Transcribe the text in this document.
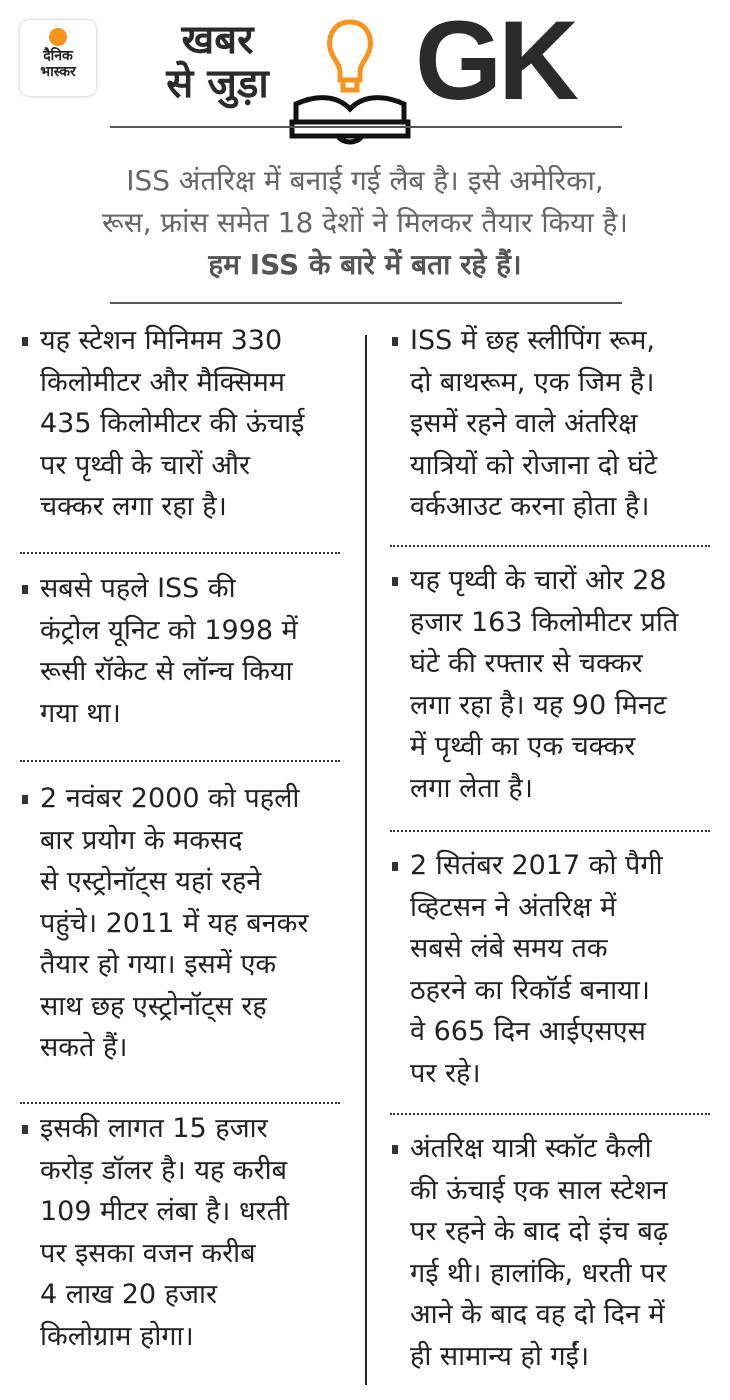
दैनिक
भास्कर
खबर
से जुड़ा GK
ISS अंतरिक्ष में बनाई गई लैब है। इसे अमेरिका,
रूस, फ्रांस समेत 18 देशों ने मिलकर तैयार किया है।
हम ISS के बारे में बता रहे हैं।
यह स्टेशन मिनिमम 330
किलोमीटर और मैक्सिमम
435 किलोमीटर की ऊंचाई
पर पृथ्वी के चारों और
चक्कर लगा रहा है।
सबसे पहले ISS की
कंट्रोल यूनिट को 1998 में
रूसी रॉकेट से लॉन्च किया
गया था।
2 नवंबर 2000 को पहली
बार प्रयोग के मकसद
से एस्ट्रोनॉट्स यहां रहने
पहुंचे। 2011 में यह बनकर
तैयार हो गया। इसमें एक
साथ छह एस्ट्रोनॉट्स रह
सकते हैं।
इसकी लागत 15 हजार
करोड़ डॉलर है। यह करीब
109 मीटर लंबा है। धरती
पर इसका वजन करीब
4 लाख 20 हजार
किलोग्राम होगा।
ISS में छह स्लीपिंग रूम,
दो बाथरूम, एक जिम है।
इसमें रहने वाले अंतरिक्ष
यात्रियों को रोजाना दो घंटे
वर्कआउट करना होता है।
यह पृथ्वी के चारों ओर 28
हजार 163 किलोमीटर प्रति
घंटे की रफ्तार से चक्कर
लगा रहा है। यह 90 मिनट
में पृथ्वी का एक चक्कर
लगा लेता है।
2 सितंबर 2017 को पैगी
व्हिटसन ने अंतरिक्ष में
सबसे लंबे समय तक
ठहरने का रिकॉर्ड बनाया।
वे 665 दिन आईएसएस
पर रहे।
अंतरिक्ष यात्री स्कॉट कैली
की ऊंचाई एक साल स्टेशन
पर रहने के बाद दो इंच बढ़
गई थी। हालांकि, धरती पर
आने के बाद वह दो दिन में
ही सामान्य हो गईं।
